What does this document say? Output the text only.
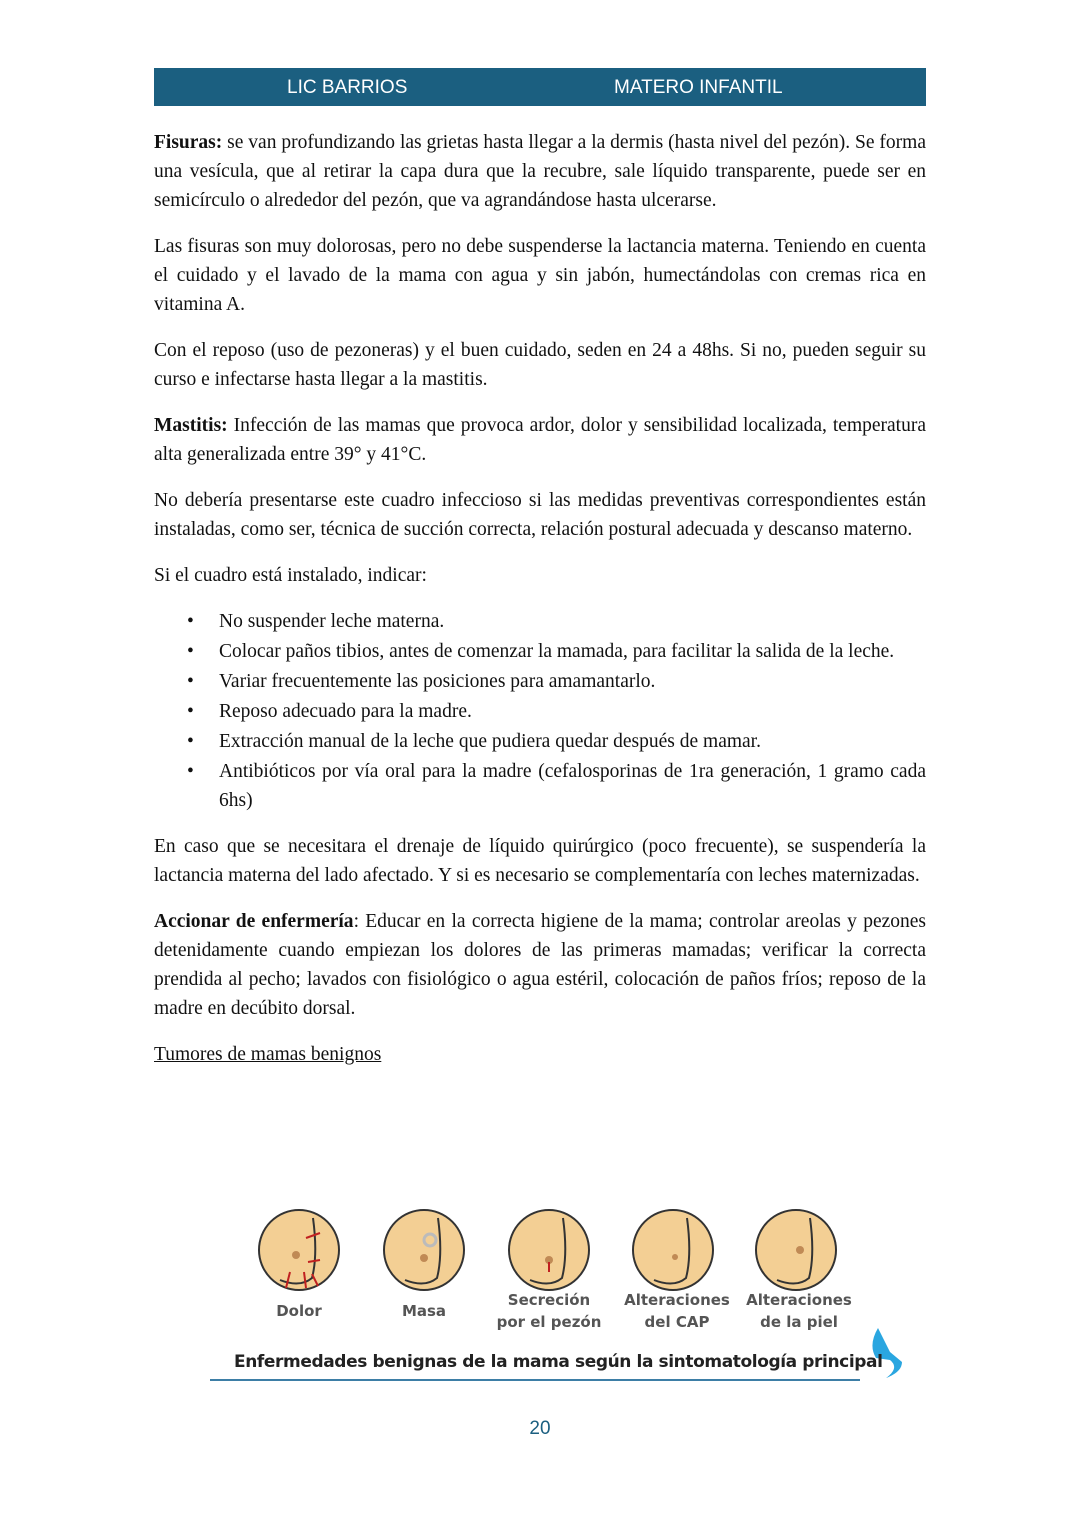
LIC BARRIOS	MATERO INFANTIL

Fisuras: se van profundizando las grietas hasta llegar a la dermis (hasta nivel del pezón). Se forma una vesícula, que al retirar la capa dura que la recubre, sale líquido transparente, puede ser en semicírculo o alrededor del pezón, que va agrandándose hasta ulcerarse.

Las fisuras son muy dolorosas, pero no debe suspenderse la lactancia materna. Teniendo en cuenta el cuidado y el lavado de la mama con agua y sin jabón, humectándolas con cremas rica en vitamina A.

Con el reposo (uso de pezoneras) y el buen cuidado, seden en 24 a 48hs. Si no, pueden seguir su curso e infectarse hasta llegar a la mastitis.

Mastitis: Infección de las mamas que provoca ardor, dolor y sensibilidad localizada, temperatura alta generalizada entre 39° y 41°C.

No debería presentarse este cuadro infeccioso si las medidas preventivas correspondientes están instaladas, como ser, técnica de succión correcta, relación postural adecuada y descanso materno.

Si el cuadro está instalado, indicar:

• No suspender leche materna.
• Colocar paños tibios, antes de comenzar la mamada, para facilitar la salida de la leche.
• Variar frecuentemente las posiciones para amamantarlo.
• Reposo adecuado para la madre.
• Extracción manual de la leche que pudiera quedar después de mamar.
• Antibióticos por vía oral para la madre (cefalosporinas de 1ra generación, 1 gramo cada 6hs)

En caso que se necesitara el drenaje de líquido quirúrgico (poco frecuente), se suspendería la lactancia materna del lado afectado. Y si es necesario se complementaría con leches maternizadas.

Accionar de enfermería: Educar en la correcta higiene de la mama; controlar areolas y pezones detenidamente cuando empiezan los dolores de las primeras mamadas; verificar la correcta prendida al pecho; lavados con fisiológico o agua estéril, colocación de paños fríos; reposo de la madre en decúbito dorsal.

Tumores de mamas benignos

Dolor	Masa
Secreción
por el pezón
Alteraciones
del CAP
Alteraciones
de la piel
Enfermedades benignas de la mama según la sintomatología principal
20
